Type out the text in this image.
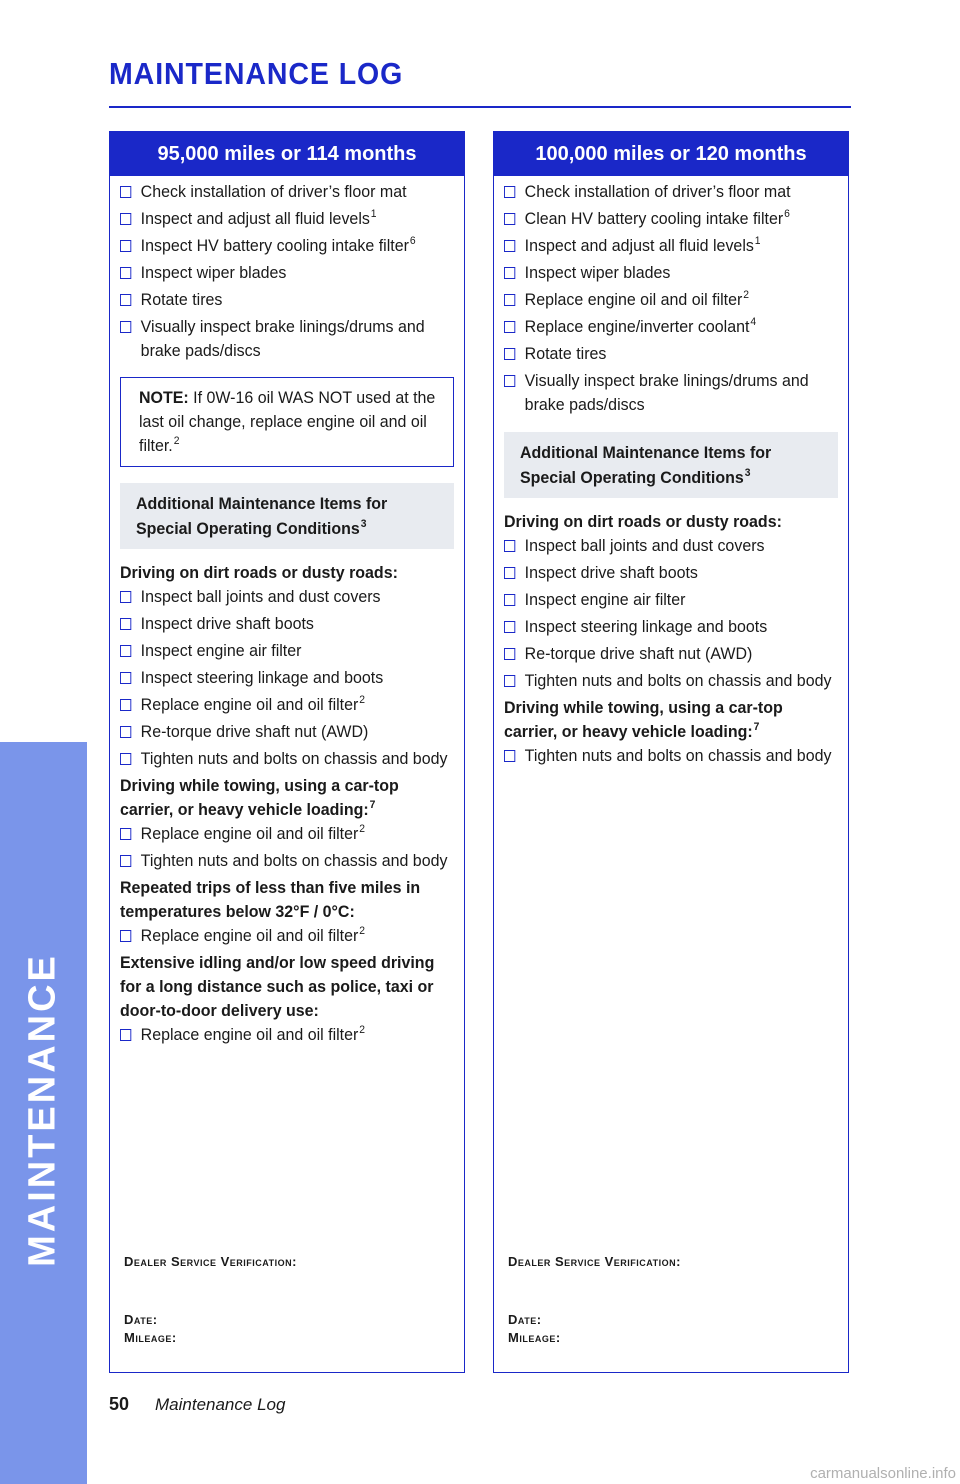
MAINTENANCE
MAINTENANCE LOG
95,000 miles or 114 months
Check installation of driver’s floor mat
Inspect and adjust all fluid levels$^1$
Inspect HV battery cooling intake filter$^6$
Inspect wiper blades
Rotate tires
Visually inspect brake linings/drums and brake pads/discs
NOTE: If 0W-16 oil WAS NOT used at the last oil change, replace engine oil and oil filter.$^2$
Additional Maintenance Items for Special Operating Conditions$^3$
Driving on dirt roads or dusty roads:
Inspect ball joints and dust covers
Inspect drive shaft boots
Inspect engine air filter
Inspect steering linkage and boots
Replace engine oil and oil filter$^2$
Re-torque drive shaft nut (AWD)
Tighten nuts and bolts on chassis and body
Driving while towing, using a car-top carrier, or heavy vehicle loading:$^7$
Replace engine oil and oil filter$^2$
Tighten nuts and bolts on chassis and body
Repeated trips of less than five miles in temperatures below 32°F / 0°C:
Replace engine oil and oil filter$^2$
Extensive idling and/or low speed driving for a long distance such as police, taxi or door-to-door delivery use:
Replace engine oil and oil filter$^2$
Dealer Service Verification:
Date:
Mileage:
100,000 miles or 120 months
Check installation of driver’s floor mat
Clean HV battery cooling intake filter$^6$
Inspect and adjust all fluid levels$^1$
Inspect wiper blades
Replace engine oil and oil filter$^2$
Replace engine/inverter coolant$^4$
Rotate tires
Visually inspect brake linings/drums and brake pads/discs
Additional Maintenance Items for Special Operating Conditions$^3$
Driving on dirt roads or dusty roads:
Inspect ball joints and dust covers
Inspect drive shaft boots
Inspect engine air filter
Inspect steering linkage and boots
Re-torque drive shaft nut (AWD)
Tighten nuts and bolts on chassis and body
Driving while towing, using a car-top carrier, or heavy vehicle loading:$^7$
Tighten nuts and bolts on chassis and body
Dealer Service Verification:
Date:
Mileage:
50 Maintenance Log
carmanualsonline.info
